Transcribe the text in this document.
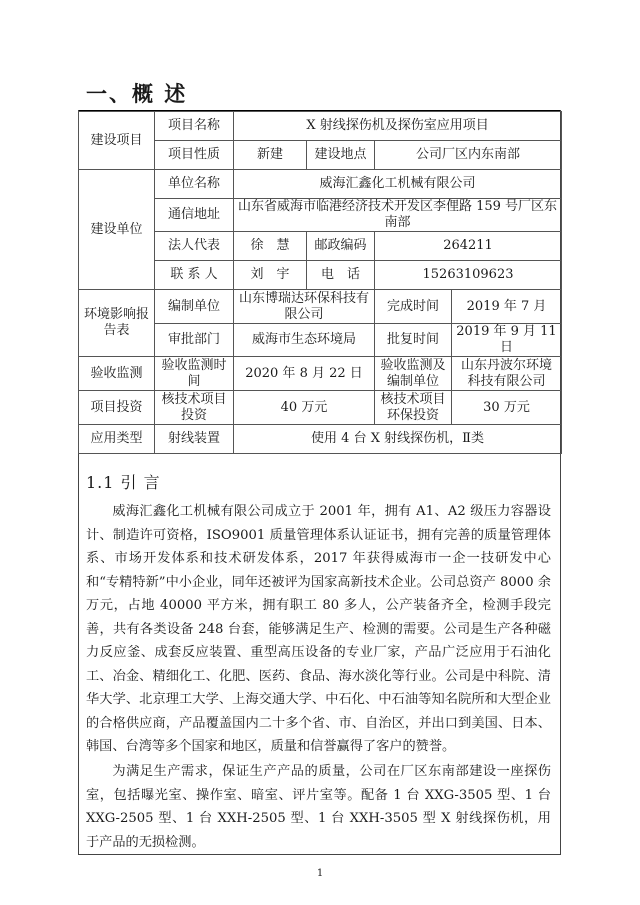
一、概 述
建设项目	项目名称	X 射线探伤机及探伤室应用项目			
	项目性质	新建	建设地点	公司厂区内东南部	
建设单位	单位名称	威海汇鑫化工机械有限公司			
	通信地址	山东省威海市临港经济技术开发区李俚路 159 号厂区东南部			
	法人代表	徐　慧	邮政编码	264211	
	联 系 人	刘　宇	电　话	15263109623	
环境影响报告表	编制单位	山东博瑞达环保科技有限公司		完成时间	2019 年 7 月
	审批部门	威海市生态环境局		批复时间	2019 年 9 月 11 日
验收监测	验收监测时间	2020 年 8 月 22 日		验收监测及编制单位	山东丹波尔环境科技有限公司
项目投资	核技术项目投资	40 万元		核技术项目环保投资	30 万元
应用类型	射线装置	使用 4 台 X 射线探伤机，Ⅱ类			
1.1 引 言

威海汇鑫化工机械有限公司成立于 2001 年，拥有 A1、A2 级压力容器设计、制造许可资格，ISO9001 质量管理体系认证证书，拥有完善的质量管理体系、市场开发体系和技术研发体系，2017 年获得威海市一企一技研发中心和“专精特新”中小企业，同年还被评为国家高新技术企业。公司总资产 8000 余万元，占地 40000 平方米，拥有职工 80 多人，公产装备齐全，检测手段完善，共有各类设备 248 台套，能够满足生产、检测的需要。公司是生产各种磁力反应釜、成套反应装置、重型高压设备的专业厂家，产品广泛应用于石油化工、冶金、精细化工、化肥、医药、食品、海水淡化等行业。公司是中科院、清华大学、北京理工大学、上海交通大学、中石化、中石油等知名院所和大型企业的合格供应商，产品覆盖国内二十多个省、市、自治区，并出口到美国、日本、韩国、台湾等多个国家和地区，质量和信誉赢得了客户的赞誉。

为满足生产需求，保证生产产品的质量，公司在厂区东南部建设一座探伤室，包括曝光室、操作室、暗室、评片室等。配备 1 台 XXG-3505 型、1 台 XXG-2505 型、1 台 XXH-2505 型、1 台 XXH-3505 型 X 射线探伤机，用于产品的无损检测。

1
